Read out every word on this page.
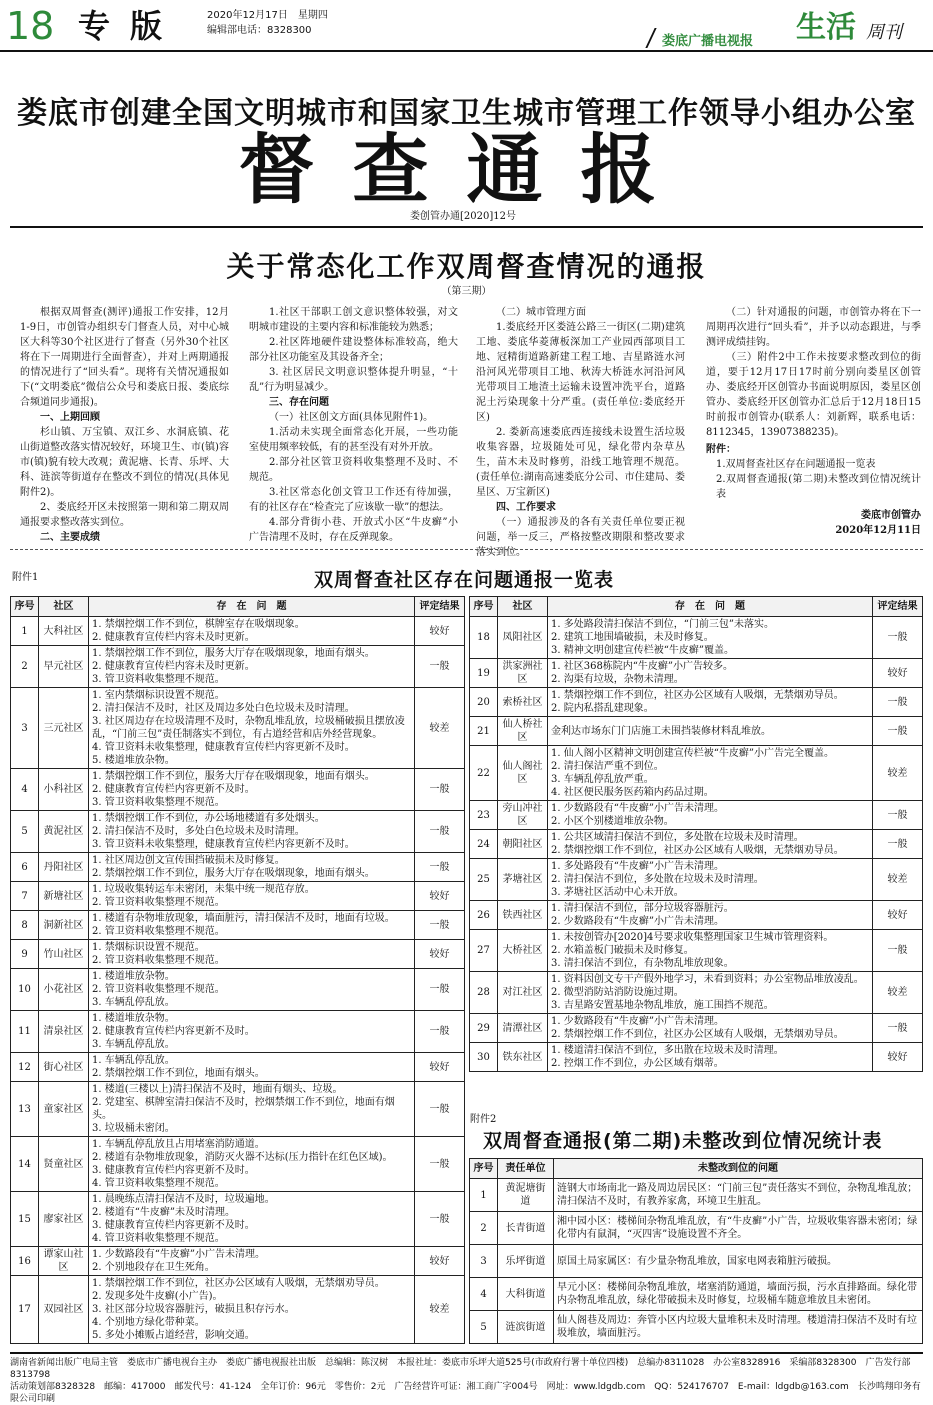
18 专版 2020年12月17日　星期四
编辑部电话：8328300
娄底广播电视报 生活 周刊
娄底市创建全国文明城市和国家卫生城市管理工作领导小组办公室
督查通报
娄创管办通[2020]12号
关于常态化工作双周督查情况的通报
（第三期）

根据双周督查(测评)通报工作安排，12月1-9日，市创管办组织专门督查人员，对中心城区大科等30个社区进行了督查（另外30个社区将在下一周期进行全面督查），并对上两期通报的情况进行了“回头看”。现将有关情况通报如下(“文明娄底”微信公众号和娄底日报、娄底综合频道同步通报)。

一、上期回顾

杉山镇、万宝镇、双江乡、水洞底镇、花山街道整改落实情况较好，环境卫生、市(镇)容市(镇)貌有较大改观；黄泥塘、长青、乐坪、大科、涟滨等街道存在整改不到位的情况(具体见附件2)。

2、娄底经开区未按照第一期和第二期双周通报要求整改落实到位。

二、主要成绩

1.社区干部职工创文意识整体较强，对文明城市建设的主要内容和标准能较为熟悉；

2.社区阵地硬件建设整体标准较高，绝大部分社区功能室及其设备齐全；

3. 社区居民文明意识整体提升明显，“十乱”行为明显减少。

三、存在问题

（一）社区创文方面(具体见附件1)。

1.活动未实现全面常态化开展，一些功能室使用频率较低，有的甚至没有对外开放。

2.部分社区管卫资料收集整理不及时、不规范。

3.社区常态化创文管卫工作还有待加强，有的社区存在“检查完了应该歇一歇”的想法。

4.部分背街小巷、开放式小区“牛皮癣”小广告清理不及时，存在反弹现象。

（二）城市管理方面

1.娄底经开区娄涟公路三一街区(二期)建筑工地、娄底华菱薄板深加工产业园西部项目工地、冠精街道路新建工程工地、吉星路涟水河沿河风光带项目工地、秋涛大桥涟水河沿河风光带项目工地渣土运输未设置冲洗平台，道路泥土污染现象十分严重。(责任单位:娄底经开区)

2. 娄新高速娄底西连接线未设置生活垃圾收集容器，垃圾随处可见，绿化带内杂草丛生，苗木未及时修剪，沿线工地管理不规范。(责任单位:湖南高速娄底分公司、市住建局、娄星区、万宝新区)

四、工作要求

（一）通报涉及的各有关责任单位要正视问题，举一反三，严格按整改期限和整改要求落实到位。

（二）针对通报的问题，市创管办将在下一周期再次进行“回头看”，并予以动态跟进，与季测评成绩挂钩。

（三）附件2中工作未按要求整改到位的街道，要于12月17日17时前分别向娄星区创管办、娄底经开区创管办书面说明原因，娄星区创管办、娄底经开区创管办汇总后于12月18日15时前报市创管办(联系人：刘新辉，联系电话：8112345，13907388235)。

附件：
1.双周督查社区存在问题通报一览表
2.双周督查通报(第二期)未整改到位情况统计表
娄底市创管办
2020年12月11日
附件1	双周督查社区存在问题通报一览表
序号	社区	存　在　问　题	评定结果
1	大科社区	1. 禁烟控烟工作不到位，棋牌室存在吸烟现象。
2. 健康教育宣传栏内容未及时更新。	较好
2	早元社区	1. 禁烟控烟工作不到位，服务大厅存在吸烟现象，地面有烟头。
2. 健康教育宣传栏内容未及时更新。
3. 管卫资料收集整理不规范。	一般
3	三元社区	1. 室内禁烟标识设置不规范。
2. 清扫保洁不及时，社区及周边多处白色垃圾未及时清理。
3. 社区周边存在垃圾清理不及时，杂物乱堆乱放，垃圾桶破损且摆放凌乱，“门前三包”责任制落实不到位，有占道经营和店外经营现象。
4. 管卫资料未收集整理，健康教育宣传栏内容更新不及时。
5. 楼道堆放杂物。	较差
4	小科社区	1. 禁烟控烟工作不到位，服务大厅存在吸烟现象，地面有烟头。
2. 健康教育宣传栏内容更新不及时。
3. 管卫资料收集整理不规范。	一般
5	黄泥社区	1. 禁烟控烟工作不到位，办公场地楼道有多处烟头。
2. 清扫保洁不及时，多处白色垃圾未及时清理。
3. 管卫资料未收集整理，健康教育宣传栏内容更新不及时。	一般
6	丹阳社区	1. 社区周边创文宣传围挡破损未及时修复。
2. 禁烟控烟工作不到位，服务大厅存在吸烟现象，地面有烟头。	一般
7	新塘社区	1. 垃圾收集转运车未密闭，未集中统一规范存放。
2. 管卫资料收集整理不规范。	较好
8	洞新社区	1. 楼道有杂物堆放现象，墙面脏污，清扫保洁不及时，地面有垃圾。
2. 管卫资料收集整理不规范。	一般
9	竹山社区	1. 禁烟标识设置不规范。
2. 管卫资料收集整理不规范。	较好
10	小花社区	1. 楼道堆放杂物。
2. 管卫资料收集整理不规范。
3. 车辆乱停乱放。	一般
11	清泉社区	1. 楼道堆放杂物。
2. 健康教育宣传栏内容更新不及时。
3. 车辆乱停乱放。	一般
12	街心社区	1. 车辆乱停乱放。
2. 禁烟控烟工作不到位，地面有烟头。	较好
13	童家社区	1. 楼道(三楼以上)清扫保洁不及时，地面有烟头、垃圾。
2. 党建室、棋牌室清扫保洁不及时，控烟禁烟工作不到位，地面有烟头。
3. 垃圾桶未密闭。	一般
14	贤童社区	1. 车辆乱停乱放且占用堵塞消防通道。
2. 楼道有杂物堆放现象，消防灭火器不达标(压力指针在红色区域)。
3. 健康教育宣传栏内容更新不及时。
4. 管卫资料收集整理不规范。	一般
15	廖家社区	1. 晨晚练点清扫保洁不及时，垃圾遍地。
2. 楼道有“牛皮癣”未及时清理。
3. 健康教育宣传栏内容更新不及时。
4. 管卫资料收集整理不规范。	一般
16	谭家山社区	1. 少数路段有“牛皮癣”小广告未清理。
2. 个别地段存在卫生死角。	较好
17	双园社区	1. 禁烟控烟工作不到位，社区办公区域有人吸烟，无禁烟劝导员。
2. 发现多处牛皮癣(小广告)。
3. 社区部分垃圾容器脏污，破损且积存污水。
4. 个别地方绿化带种菜。
5. 多处小摊贩占道经营，影响交通。	较差
序号	社区	存　在　问　题	评定结果
18	凤阳社区	1. 多处路段清扫保洁不到位，“门前三包”未落实。
2. 建筑工地围墙破损，未及时修复。
3. 精神文明创建宣传栏被“牛皮癣”覆盖。	一般
19	洪家洲社区	1. 社区368栋院内“牛皮癣”小广告较多。
2. 沟渠有垃圾，杂物未清理。	较好
20	索桥社区	1. 禁烟控烟工作不到位，社区办公区域有人吸烟，无禁烟劝导员。
2. 院内私搭乱建现象。	一般
21	仙人桥社区	金利达市场东门门店施工未围挡装修材料乱堆放。	一般
22	仙人阁社区	1. 仙人阁小区精神文明创建宣传栏被“牛皮癣”小广告完全覆盖。
2. 清扫保洁严重不到位。
3. 车辆乱停乱放严重。
4. 社区便民服务医药箱内药品过期。	较差
23	旁山冲社区	1. 少数路段有“牛皮癣”小广告未清理。
2. 小区个别楼道堆放杂物。	一般
24	朝阳社区	1. 公共区域清扫保洁不到位，多处散在垃圾未及时清理。
2. 禁烟控烟工作不到位，社区办公区域有人吸烟，无禁烟劝导员。	一般
25	茅塘社区	1. 多处路段有“牛皮癣”小广告未清理。
2. 清扫保洁不到位，多处散在垃圾未及时清理。
3. 茅塘社区活动中心未开放。	较差
26	铁西社区	1. 清扫保洁不到位，部分垃圾容器脏污。
2. 少数路段有“牛皮癣”小广告未清理。	较好
27	大桥社区	1. 未按创管办[2020]4号要求收集整理国家卫生城市管理资料。
2. 水箱盖板门破损未及时修复。
3. 清扫保洁不到位，有杂物乱堆放现象。	一般
28	对江社区	1. 资料因创文专干产假外地学习，未看到资料；办公室物品堆放凌乱。
2. 微型消防站消防设施过期。
3. 吉星路安置基地杂物乱堆放，施工围挡不规范。	较差
29	清潭社区	1. 少数路段有“牛皮癣”小广告未清理。
2. 禁烟控烟工作不到位，社区办公区域有人吸烟，无禁烟劝导员。	一般
30	铁东社区	1. 楼道清扫保洁不到位，多出散在垃圾未及时清理。
2. 控烟工作不到位，办公区域有烟蒂。	较好
附件2
双周督查通报(第二期)未整改到位情况统计表
序号	责任单位	未整改到位的问题
1	黄泥塘街道	涟钢大市场南北一路及周边居民区：“门前三包”责任落实不到位，杂物乱堆乱放；清扫保洁不及时，有教养家禽，环境卫生脏乱。
2	长青街道	湘中园小区：楼梯间杂物乱堆乱放，有“牛皮癣”小广告，垃圾收集容器未密闭；绿化带内有鼠洞，“灭四害”设施设置不齐全。
3	乐坪街道	原国土局家属区：有少量杂物乱堆放，国家电网表箱脏污破损。
4	大科街道	早元小区：楼梯间杂物乱堆放，堵塞消防通道，墙面污损，污水直排路面。绿化带内杂物乱堆乱放，绿化带破损未及时修复，垃圾桶车随意堆放且未密闭。
5	涟滨街道	仙人阁巷及周边：奔管小区内垃圾大量堆积未及时清理。楼道清扫保洁不及时有垃圾堆放，墙面脏污。
湖南省新闻出版广电局主管　娄底市广播电视台主办　娄底广播电视报社出版　总编辑：陈汉树　本报社址：娄底市乐坪大道525号(市政府行署十单位四楼)　总编办8311028　办公室8328916　采编部8328300　广告发行部8313798
活动策划部8328328　邮编：417000　邮发代号：41-124　全年订价：96元　零售价：2元　广告经营许可证：湘工商广字004号　网址：www.ldgdb.com　QQ：524176707　E-mail：ldgdb@163.com　长沙鸣翔印务有限公司印刷
